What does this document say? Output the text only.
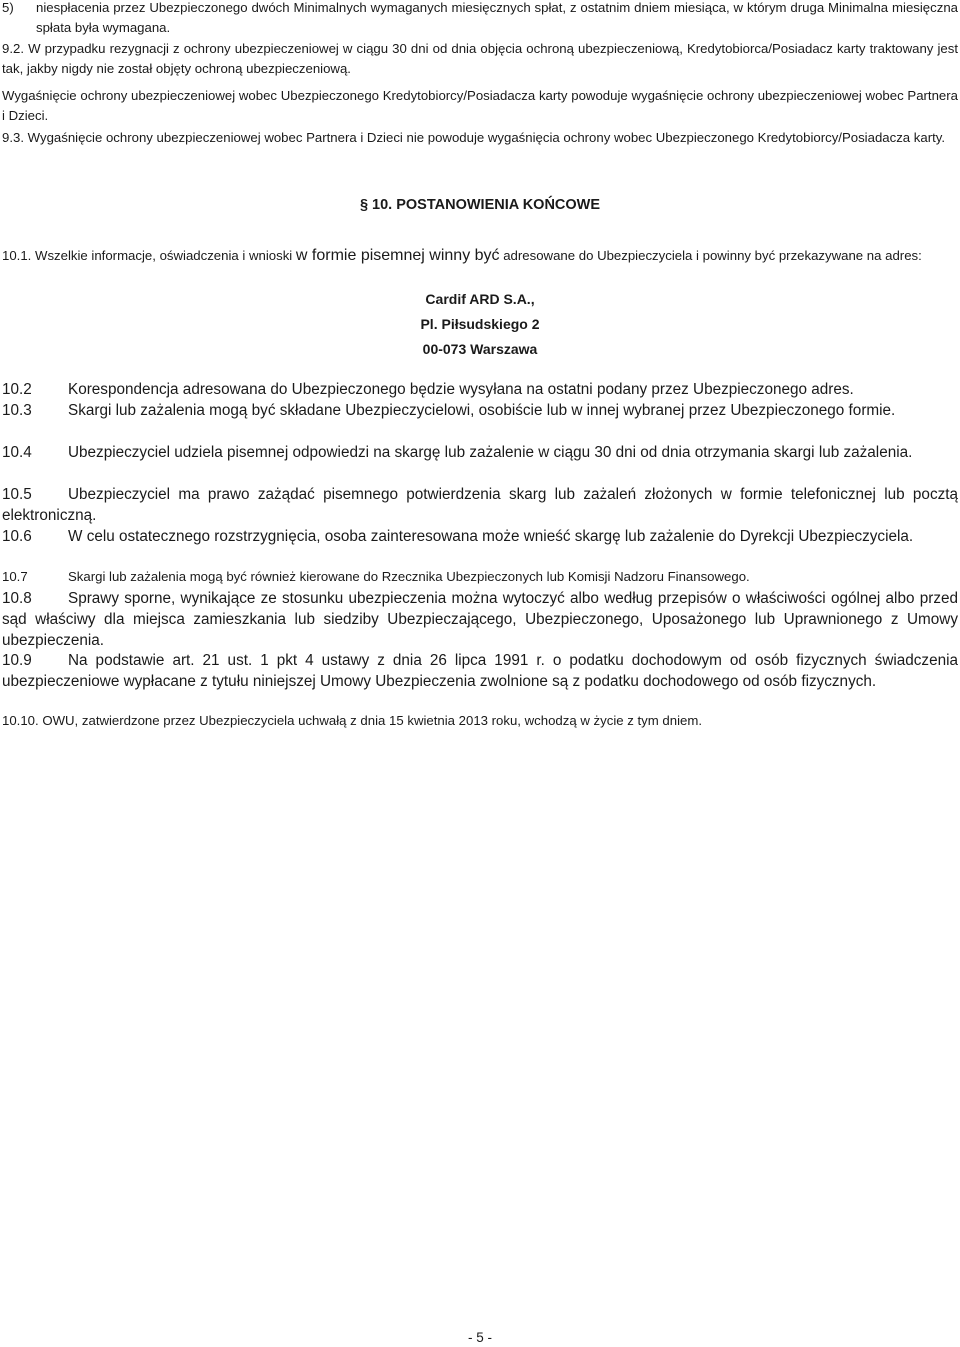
5)	niespłacenia przez Ubezpieczonego dwóch Minimalnych wymaganych miesięcznych spłat, z ostatnim dniem miesiąca, w którym druga Minimalna miesięczna spłata była wymagana.

9.2. W przypadku rezygnacji z ochrony ubezpieczeniowej w ciągu 30 dni od dnia objęcia ochroną ubezpieczeniową, Kredytobiorca/Posiadacz karty traktowany jest tak, jakby nigdy nie został objęty ochroną ubezpieczeniową.

Wygaśnięcie ochrony ubezpieczeniowej wobec Ubezpieczonego Kredytobiorcy/Posiadacza karty powoduje wygaśnięcie ochrony ubezpieczeniowej wobec Partnera i Dzieci.

9.3. Wygaśnięcie ochrony ubezpieczeniowej wobec Partnera i Dzieci nie powoduje wygaśnięcia ochrony wobec Ubezpieczonego Kredytobiorcy/Posiadacza karty.

§ 10. POSTANOWIENIA KOŃCOWE

10.1. Wszelkie informacje, oświadczenia i wnioski w formie pisemnej winny być adresowane do Ubezpieczyciela i powinny być przekazywane na adres:

Cardif ARD S.A.,
Pl. Piłsudskiego 2
00-073 Warszawa

10.2 Korespondencja adresowana do Ubezpieczonego będzie wysyłana na ostatni podany przez Ubezpieczonego adres.

10.3 Skargi lub zażalenia mogą być składane Ubezpieczycielowi, osobiście lub w innej wybranej przez Ubezpieczonego formie.

10.4 Ubezpieczyciel udziela pisemnej odpowiedzi na skargę lub zażalenie w ciągu 30 dni od dnia otrzymania skargi lub zażalenia.

10.5 Ubezpieczyciel ma prawo zażądać pisemnego potwierdzenia skarg lub zażaleń złożonych w formie telefonicznej lub pocztą elektroniczną.

10.6 W celu ostatecznego rozstrzygnięcia, osoba zainteresowana może wnieść skargę lub zażalenie do Dyrekcji Ubezpieczyciela.

10.7	Skargi lub zażalenia mogą być również kierowane do Rzecznika Ubezpieczonych lub Komisji Nadzoru Finansowego.

10.8 Sprawy sporne, wynikające ze stosunku ubezpieczenia można wytoczyć albo według przepisów o właściwości ogólnej albo przed sąd właściwy dla miejsca zamieszkania lub siedziby Ubezpieczającego, Ubezpieczonego, Uposażonego lub Uprawnionego z Umowy ubezpieczenia.

10.9 Na podstawie art. 21 ust. 1 pkt 4 ustawy z dnia 26 lipca 1991 r. o podatku dochodowym od osób fizycznych świadczenia ubezpieczeniowe wypłacane z tytułu niniejszej Umowy Ubezpieczenia zwolnione są z podatku dochodowego od osób fizycznych.

10.10. OWU, zatwierdzone przez Ubezpieczyciela uchwałą z dnia 15 kwietnia 2013 roku, wchodzą w życie z tym dniem.

- 5 -
